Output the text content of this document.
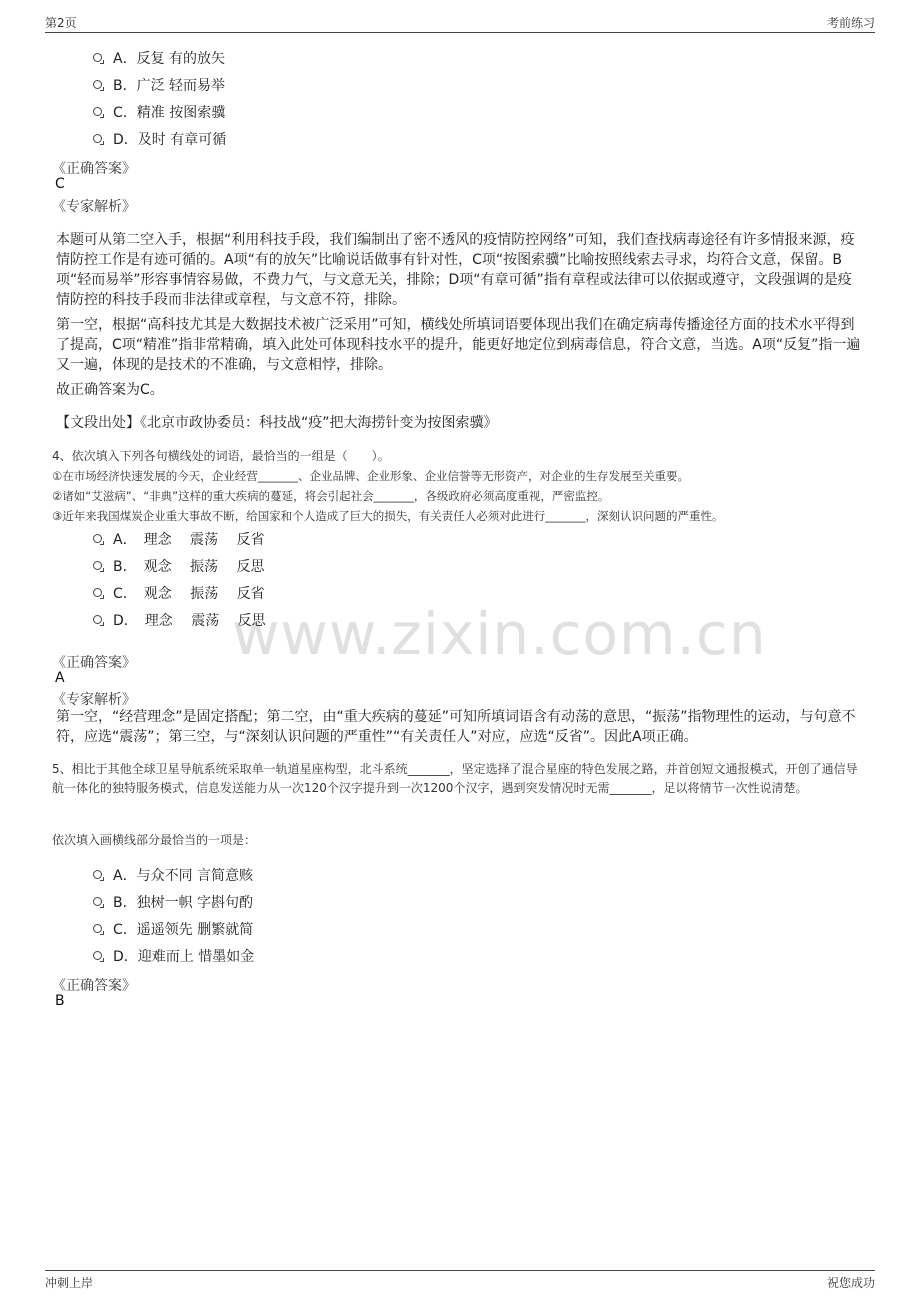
第2页	考前练习
www.zixin.com.cn
A．反复 有的放矢
B．广泛 轻而易举
C．精准 按图索骥
D．及时 有章可循
《正确答案》
C
《专家解析》
本题可从第二空入手，根据“利用科技手段，我们编制出了密不透风的疫情防控网络”可知，我们查找病毒途径有许多情报来源，疫情防控工作是有迹可循的。A项“有的放矢”比喻说话做事有针对性，C项“按图索骥”比喻按照线索去寻求，均符合文意，保留。B项“轻而易举”形容事情容易做，不费力气，与文意无关，排除；D项“有章可循”指有章程或法律可以依据或遵守，文段强调的是疫情防控的科技手段而非法律或章程，与文意不符，排除。
第一空，根据“高科技尤其是大数据技术被广泛采用”可知，横线处所填词语要体现出我们在确定病毒传播途径方面的技术水平得到了提高，C项“精准”指非常精确，填入此处可体现科技水平的提升，能更好地定位到病毒信息，符合文意，当选。A项“反复”指一遍又一遍，体现的是技术的不准确，与文意相悖，排除。
故正确答案为C。
【文段出处】《北京市政协委员：科技战“疫”把大海捞针变为按图索骥》
4、依次填入下列各句横线处的词语，最恰当的一组是（　　）。
①在市场经济快速发展的今天，企业经营_______、企业品牌、企业形象、企业信誉等无形资产，对企业的生存发展至关重要。
②诸如“艾滋病”、“非典”这样的重大疾病的蔓延，将会引起社会_______，各级政府必须高度重视，严密监控。
③近年来我国煤炭企业重大事故不断，给国家和个人造成了巨大的损失，有关责任人必须对此进行_______，深刻认识问题的严重性。
A．　理念　 震荡　 反省
B．　观念　 振荡　 反思
C．　观念　 振荡　 反省
D．　理念　 震荡　 反思
《正确答案》
A
《专家解析》
第一空，“经营理念”是固定搭配；第二空，由“重大疾病的蔓延”可知所填词语含有动荡的意思，“振荡”指物理性的运动，与句意不符，应选“震荡”；第三空，与“深刻认识问题的严重性”“有关责任人”对应，应选“反省”。因此A项正确。
5、相比于其他全球卫星导航系统采取单一轨道星座构型，北斗系统_______，坚定选择了混合星座的特色发展之路，并首创短文通报模式，开创了通信导航一体化的独特服务模式，信息发送能力从一次120个汉字提升到一次1200个汉字，遇到突发情况时无需_______，足以将情节一次性说清楚。
依次填入画横线部分最恰当的一项是：
A．与众不同 言简意赅
B．独树一帜 字斟句酌
C．遥遥领先 删繁就简
D．迎难而上 惜墨如金
《正确答案》
B
冲刺上岸	祝您成功
